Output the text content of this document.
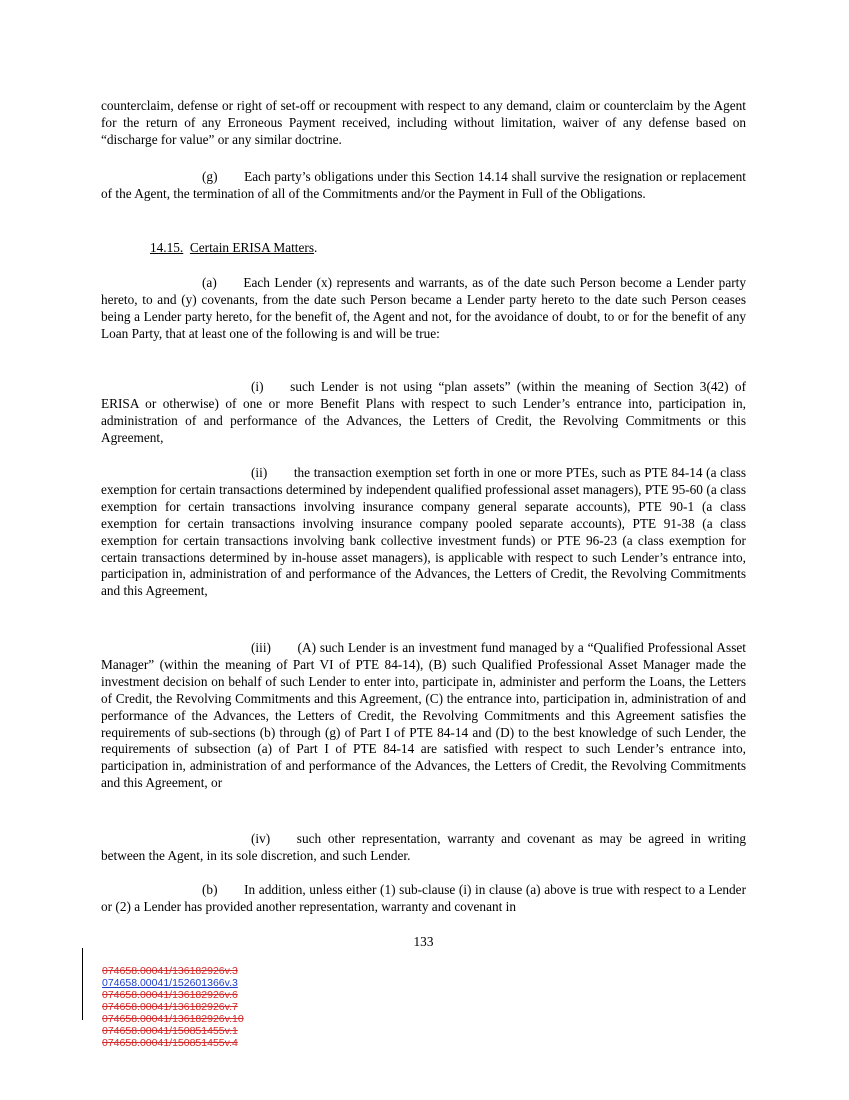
counterclaim, defense or right of set-off or recoupment with respect to any demand, claim or counterclaim by the Agent for the return of any Erroneous Payment received, including without limitation, waiver of any defense based on “discharge for value” or any similar doctrine.

(g)  Each party’s obligations under this Section 14.14 shall survive the resignation or replacement of the Agent, the termination of all of the Commitments and/or the Payment in Full of the Obligations.

14.15. Certain ERISA Matters.

(a)  Each Lender (x) represents and warrants, as of the date such Person become a Lender party hereto, to and (y) covenants, from the date such Person became a Lender party hereto to the date such Person ceases being a Lender party hereto, for the benefit of, the Agent and not, for the avoidance of doubt, to or for the benefit of any Loan Party, that at least one of the following is and will be true:

(i)  such Lender is not using “plan assets” (within the meaning of Section 3(42) of ERISA or otherwise) of one or more Benefit Plans with respect to such Lender’s entrance into, participation in, administration of and performance of the Advances, the Letters of Credit, the Revolving Commitments or this Agreement,

(ii)  the transaction exemption set forth in one or more PTEs, such as PTE 84-14 (a class exemption for certain transactions determined by independent qualified professional asset managers), PTE 95-60 (a class exemption for certain transactions involving insurance company general separate accounts), PTE 90-1 (a class exemption for certain transactions involving insurance company pooled separate accounts), PTE 91-38 (a class exemption for certain transactions involving bank collective investment funds) or PTE 96-23 (a class exemption for certain transactions determined by in-house asset managers), is applicable with respect to such Lender’s entrance into, participation in, administration of and performance of the Advances, the Letters of Credit, the Revolving Commitments and this Agreement,

(iii)  (A) such Lender is an investment fund managed by a “Qualified Professional Asset Manager” (within the meaning of Part VI of PTE 84-14), (B) such Qualified Professional Asset Manager made the investment decision on behalf of such Lender to enter into, participate in, administer and perform the Loans, the Letters of Credit, the Revolving Commitments and this Agreement, (C) the entrance into, participation in, administration of and performance of the Advances, the Letters of Credit, the Revolving Commitments and this Agreement satisfies the requirements of sub-sections (b) through (g) of Part I of PTE 84-14 and (D) to the best knowledge of such Lender, the requirements of subsection (a) of Part I of PTE 84-14 are satisfied with respect to such Lender’s entrance into, participation in, administration of and performance of the Advances, the Letters of Credit, the Revolving Commitments and this Agreement, or

(iv)  such other representation, warranty and covenant as may be agreed in writing between the Agent, in its sole discretion, and such Lender.

(b)  In addition, unless either (1) sub-clause (i) in clause (a) above is true with respect to a Lender or (2) a Lender has provided another representation, warranty and covenant in

133
074658.00041/136182926v.3
074658.00041/152601366v.3
074658.00041/136182926v.6
074658.00041/136182926v.7
074658.00041/136182926v.10
074658.00041/150851455v.1
074658.00041/150851455v.4
